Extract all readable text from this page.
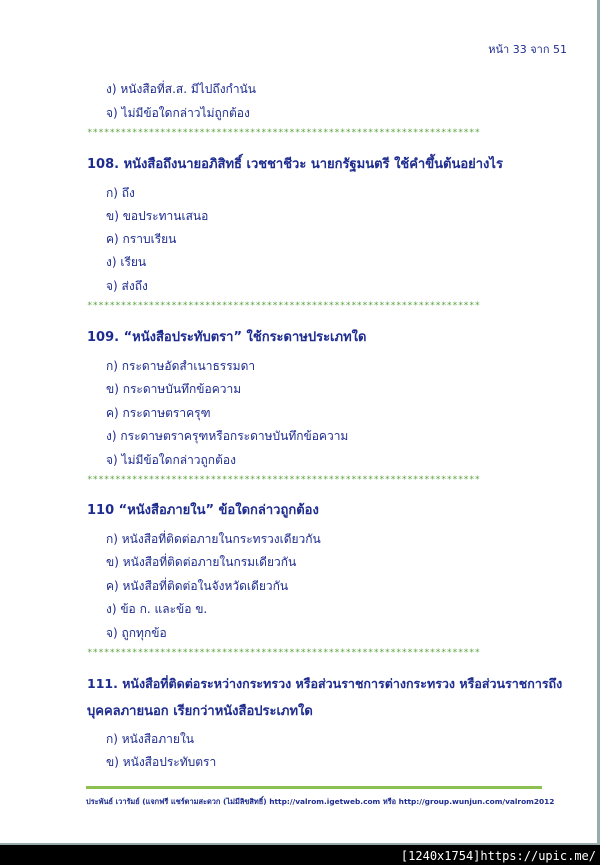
หน้า 33 จาก 51
ง) หนังสือที่ส.ส. มีไปถึงกำนัน
จ) ไม่มีข้อใดกล่าวไม่ถูกต้อง
**********************************************************************
108. หนังสือถึงนายอภิสิทธิ์ เวชชาชีวะ นายกรัฐมนตรี ใช้คำขึ้นต้นอย่างไร
ก) ถึง
ข) ขอประทานเสนอ
ค) กราบเรียน
ง) เรียน
จ) ส่งถึง
**********************************************************************
109. “หนังสือประทับตรา” ใช้กระดาษประเภทใด
ก) กระดาษอัดสำเนาธรรมดา
ข) กระดาษบันทึกข้อความ
ค) กระดาษตราครุฑ
ง) กระดาษตราครุฑหรือกระดาษบันทึกข้อความ
จ) ไม่มีข้อใดกล่าวถูกต้อง
**********************************************************************
110 “หนังสือภายใน” ข้อใดกล่าวถูกต้อง
ก) หนังสือที่ติดต่อภายในกระทรวงเดียวกัน
ข) หนังสือที่ติดต่อภายในกรมเดียวกัน
ค) หนังสือที่ติดต่อในจังหวัดเดียวกัน
ง) ข้อ ก. และข้อ ข.
จ) ถูกทุกข้อ
**********************************************************************
111. หนังสือที่ติดต่อระหว่างกระทรวง หรือส่วนราชการต่างกระทรวง หรือส่วนราชการถึง
บุคคลภายนอก เรียกว่าหนังสือประเภทใด
ก) หนังสือภายใน
ข) หนังสือประทับตรา
ประพันธ์ เวารัมย์ (แจกฟรี แชร์ตามสะดวก (ไม่มีลิขสิทธิ์) http://valrom.igetweb.com หรือ http://group.wunjun.com/valrom2012
[1240x1754]https://upic.me/
